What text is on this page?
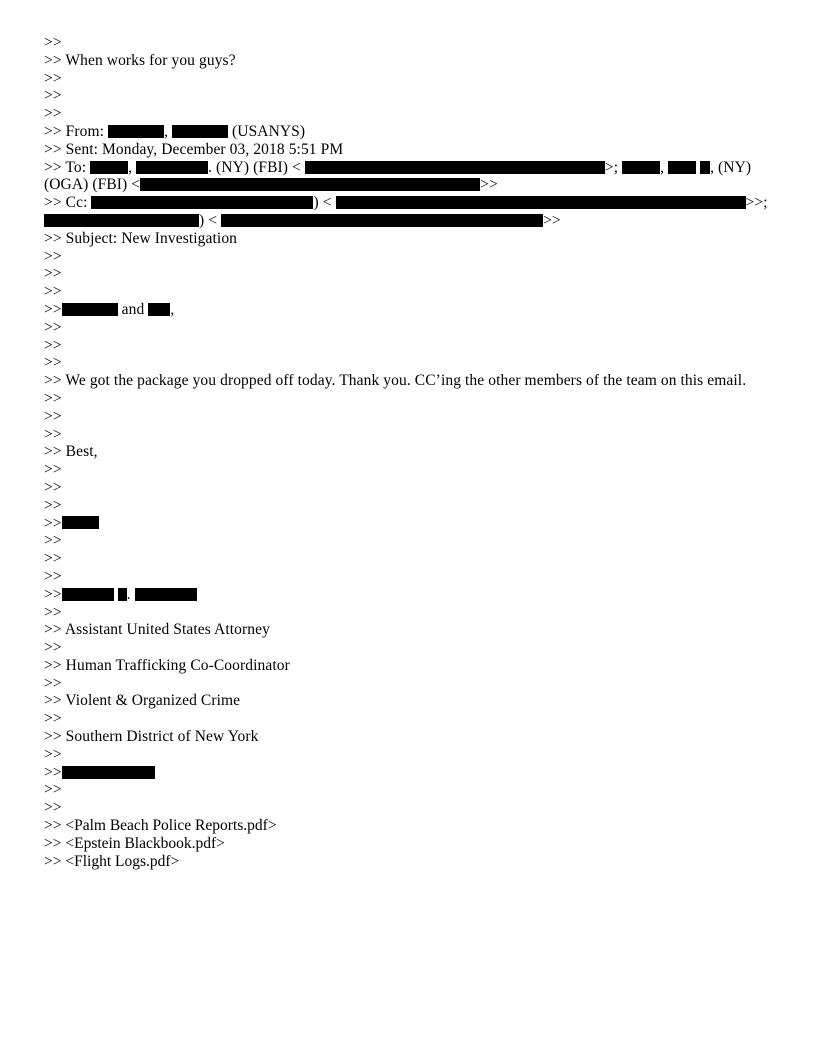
>>
>> When works for you guys?
>>
>>
>>
>> From:	,	(USANYS)
>> Sent: Monday, December 03, 2018 5:51 PM
>> To:	,	. (NY) (FBI) <	>;	,	, (NY) (OGA) (FBI) <	>>
>> Cc:	) <	>>; ) <	>>
>> Subject: New Investigation
>>
>>
>>
>>	and ,
>>
>>
>>
>> We got the package you dropped off today. Thank you. CC’ing the other members of the team on this email.
>>
>>
>>
>> Best,
>>
>>
>>
>>
>>
>>
>>
>>	.
>>
>> Assistant United States Attorney
>>
>> Human Trafficking Co-Coordinator
>>
>> Violent & Organized Crime
>>
>> Southern District of New York
>>
>>
>>
>>
>> <Palm Beach Police Reports.pdf>
>> <Epstein Blackbook.pdf>
>> <Flight Logs.pdf>
